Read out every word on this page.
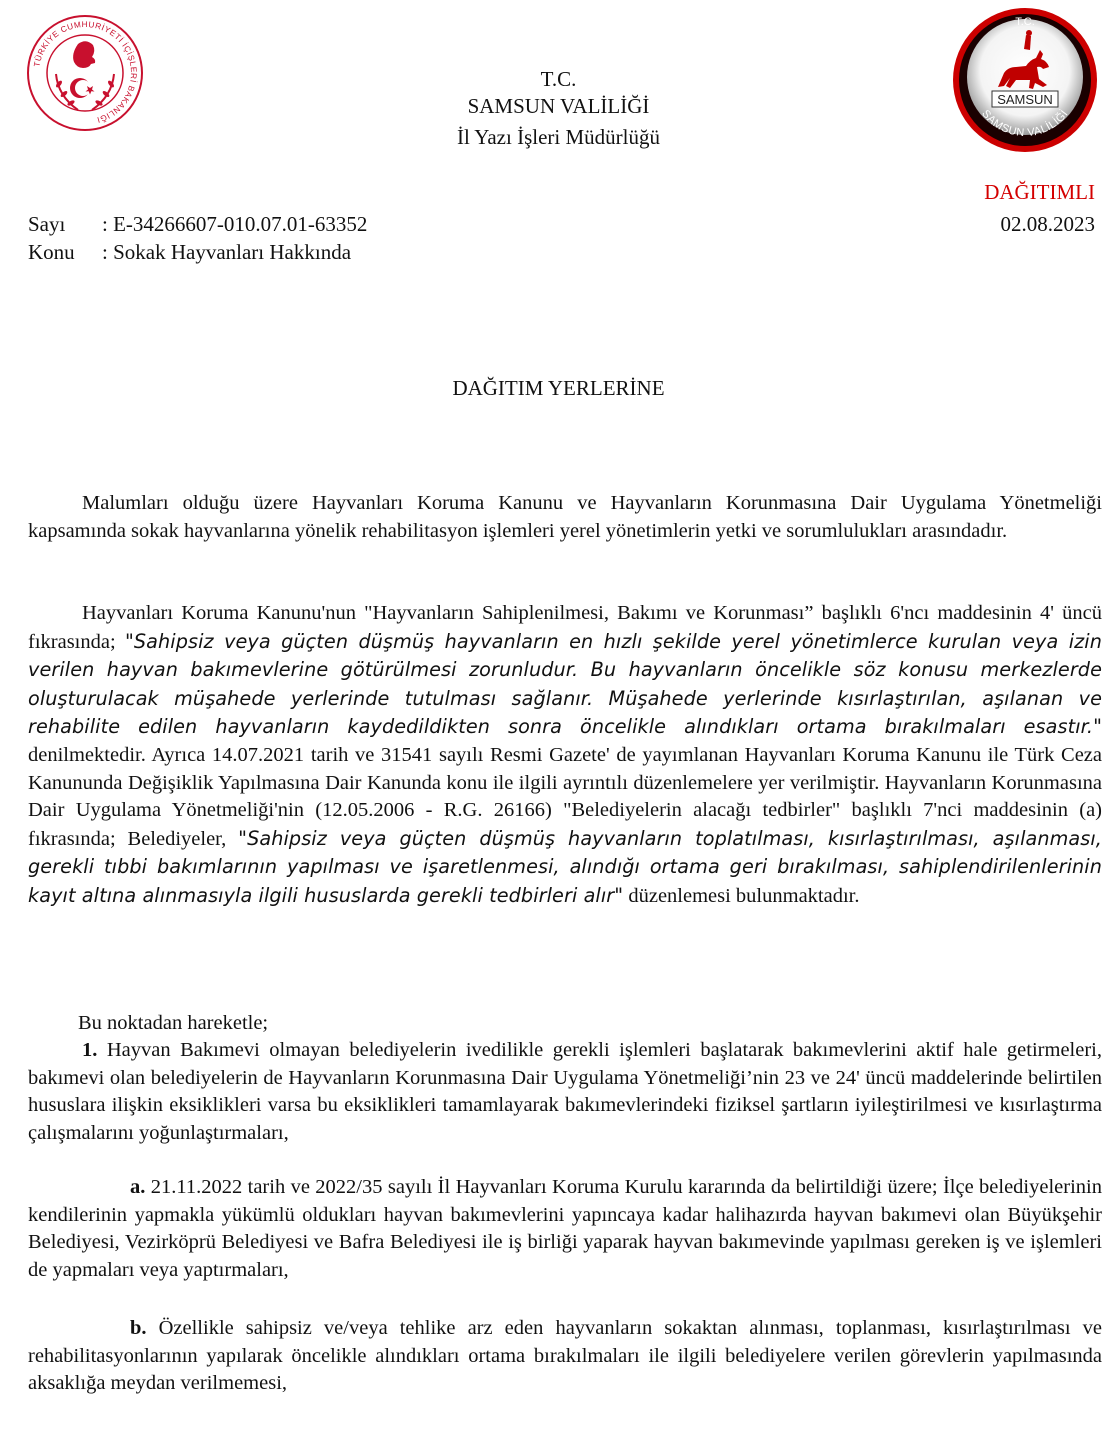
TÜRKİYE CUMHURİYETİ İÇİŞLERİ BAKANLIĞI
T.C.
SAMSUN
SAMSUN VALİLİĞİ
T.C.
SAMSUN VALİLİĞİ
İl Yazı İşleri Müdürlüğü
DAĞITIMLI
Sayı : E-34266607-010.07.01-63352	02.08.2023
Konu : Sokak Hayvanları Hakkında
DAĞITIM YERLERİNE
Malumları olduğu üzere Hayvanları Koruma Kanunu ve Hayvanların Korunmasına Dair Uygulama Yönetmeliği kapsamında sokak hayvanlarına yönelik rehabilitasyon işlemleri yerel yönetimlerin yetki ve sorumlulukları arasındadır.
Hayvanları Koruma Kanunu'nun "Hayvanların Sahiplenilmesi, Bakımı ve Korunması” başlıklı 6'ncı maddesinin 4' üncü fıkrasında; "Sahipsiz veya güçten düşmüş hayvanların en hızlı şekilde yerel yönetimlerce kurulan veya izin verilen hayvan bakımevlerine götürülmesi zorunludur. Bu hayvanların öncelikle söz konusu merkezlerde oluşturulacak müşahede yerlerinde tutulması sağlanır. Müşahede yerlerinde kısırlaştırılan, aşılanan ve rehabilite edilen hayvanların kaydedildikten sonra öncelikle alındıkları ortama bırakılmaları esastır." denilmektedir. Ayrıca 14.07.2021 tarih ve 31541 sayılı Resmi Gazete' de yayımlanan Hayvanları Koruma Kanunu ile Türk Ceza Kanununda Değişiklik Yapılmasına Dair Kanunda konu ile ilgili ayrıntılı düzenlemelere yer verilmiştir. Hayvanların Korunmasına Dair Uygulama Yönetmeliği'nin (12.05.2006 - R.G. 26166) "Belediyelerin alacağı tedbirler" başlıklı 7'nci maddesinin (a) fıkrasında; Belediyeler, "Sahipsiz veya güçten düşmüş hayvanların toplatılması, kısırlaştırılması, aşılanması, gerekli tıbbi bakımlarının yapılması ve işaretlenmesi, alındığı ortama geri bırakılması, sahiplendirilenlerinin kayıt altına alınmasıyla ilgili hususlarda gerekli tedbirleri alır" düzenlemesi bulunmaktadır.
Bu noktadan hareketle;
1. Hayvan Bakımevi olmayan belediyelerin ivedilikle gerekli işlemleri başlatarak bakımevlerini aktif hale getirmeleri, bakımevi olan belediyelerin de Hayvanların Korunmasına Dair Uygulama Yönetmeliği’nin 23 ve 24' üncü maddelerinde belirtilen hususlara ilişkin eksiklikleri varsa bu eksiklikleri tamamlayarak bakımevlerindeki fiziksel şartların iyileştirilmesi ve kısırlaştırma çalışmalarını yoğunlaştırmaları,
a. 21.11.2022 tarih ve 2022/35 sayılı İl Hayvanları Koruma Kurulu kararında da belirtildiği üzere; İlçe belediyelerinin kendilerinin yapmakla yükümlü oldukları hayvan bakımevlerini yapıncaya kadar halihazırda hayvan bakımevi olan Büyükşehir Belediyesi, Vezirköprü Belediyesi ve Bafra Belediyesi ile iş birliği yaparak hayvan bakımevinde yapılması gereken iş ve işlemleri de yapmaları veya yaptırmaları,
b. Özellikle sahipsiz ve/veya tehlike arz eden hayvanların sokaktan alınması, toplanması, kısırlaştırılması ve rehabilitasyonlarının yapılarak öncelikle alındıkları ortama bırakılmaları ile ilgili belediyelere verilen görevlerin yapılmasında aksaklığa meydan verilmemesi,
